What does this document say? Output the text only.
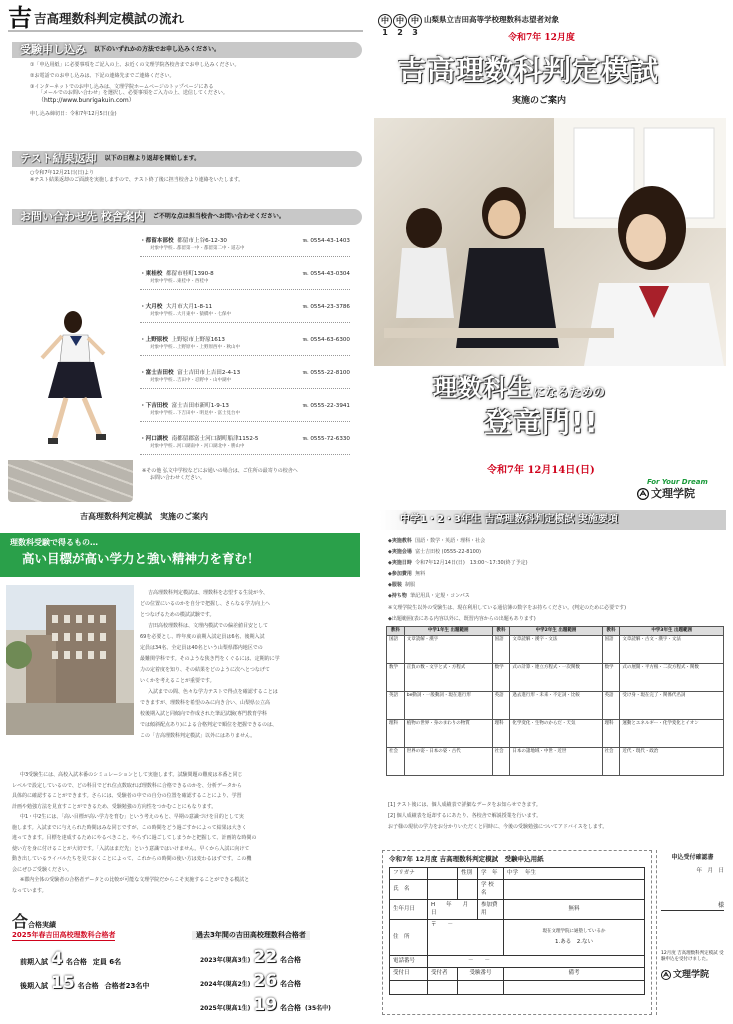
吉 吉高理数科判定模試の流れ
受験申し込み 以下のいずれかの方法でお申し込みください。
①「申込用紙」に必要事項をご記入の上、お近くの文理学院各校舎までお申し込みください。
②お電話でのお申し込みは、下記の連絡先までご連絡ください。
③インターネットでのお申し込みは、文理学院ホームページのトップページにある
「メールでのお問い合わせ」を選択し、必要事項をご入力の上、送信してください。
（http://www.bunrigakuin.com）
申し込み締切日：令和7年12月5日(金)
テスト結果返却 以下の日程より返却を開始します。
○令和7年12月21日(日)より
※テスト結果返却のご面談を実施しますので、テスト終了後に担当校舎より連絡をいたします。
お問い合わせ先 校舎案内 ご不明な点は担当校舎へお問い合わせください。
・都留本部校 都留市上谷6-12-30	℡ 0554-43-1403
対象中学校…都留第一中・都留第二中・道志中
・東桂校 都留市桂町1390-8	℡ 0554-43-0304
対象中学校…東桂中・西桂中
・大月校 大月市大月1-8-11	℡ 0554-23-3786
対象中学校…大月東中・猿橋中・七保中
・上野原校 上野原市上野原1613	℡ 0554-63-6300
対象中学校…上野原中・上野原西中・秋山中
・富士吉田校 富士吉田市上吉田2-4-13	℡ 0555-22-8100
対象中学校…吉田中・忍野中・山中湖中
・下吉田校 富士吉田市新町1-9-13	℡ 0555-22-3941
対象中学校…下吉田中・明見中・富士見台中
・河口湖校 南都留郡富士河口湖町船津1152-5	℡ 0555-72-6330
対象中学校…河口湖南中・河口湖北中・勝山中
※その他 弘文中学校などにお通いの場合は、ご住所の最寄りの校舎へ
お問い合わせください。
吉高理数科判定模試　実施のご案内
中1
中2
中3
山梨県立吉田高等学校理数科志望者対象
令和7年 12月度
吉高理数科判定模試
実施のご案内
理数科生になるための
登竜門!!
令和7年 12月14日(日)
For Your Dream
文理学院
理数科受験で得るもの…
高い目標が高い学力と強い精神力を育む！
吉高理数科判定模試は、理数科を志望する生徒が今、
どの位置にいるのかを自分で把握し、さらなる学力向上へ
とつなげるための模試試験です。
吉田高校理数科は、文理内模試での偏差値目安として
69を必要とし、昨年度の前期入試定員は6名、後期入試
定員は34名、全定員は40名という山梨県郡内地区での
最難関学科です。そのような狭き門をくぐるには、定期的に学
力の定着度を知り、その結果をどのように次へとつなげて
いくかを考えることが重要です。
入試までの間、色々な学力テストで得点を確認することは
できますが、理数科を希望のみに向き合い、山梨県公立高
校後期入試と同傾向で作成された筆記試験(専門教育学科
では傾斜配点あり)による合格判定で順位を把握できるのは、
この「吉高理数科判定模試」以外にはありません。
中3受験生には、高校入試本番のシミュレーションとして実施します。試験問題の難度は本番と同じ
レベルで設定しているので、どの科目でどれ位点数取れば理数科に合格できるのかを、分析データから
具体的に確認することができます。さらには、受験者の中での自分の位置を確認することにより、学習
計画や勉強方法を見直すことができるため、受験勉強の方向性をつかむことにもなります。
中1・中2生には、「高い目標が高い学力を育む」という考えのもと、早期の意識づけを目的として実
施します。入試までに与えられた時間はみな同じですが、この時間をどう過ごすかによって結果は大きく
違ってきます。目標を達成するためにやるべきこと、やらずに過ごしてしまうかと把握して、計画的な時間の
使い方を身に付けることが大切です。「入試はまだ先」という意識ではいけません。早くから入試に向けて
動き出しているライバルたちを見ておくことによって、これからの時間の使い方は変わるはずです。この機
会にぜひご受験ください。
※郡内全体の受験者の合格者データとの比較が可能な文理学院だからこそ実施することができる模試と
なっています。
合 合格実績
2025年春吉田高校理数科合格者	過去3年間の吉田高校理数科合格者
前期入試 4 名合格 定員 6名
後期入試 15 名合格 合格者23名中
2023年(現高3生) 22 名合格
2024年(現高2生) 26 名合格
2025年(現高1生) 19 名合格 (35名中)
中学1・2・3年生 吉高理数科判定模試 実施要項
◆実施教科 国語・数学・英語・理科・社会
◆実施会場 富士吉田校 (0555-22-8100)
◆実施日時 令和7年12月14日(日)　13:00～17:30(終了予定)
◆参加費用 無料
◆服装 制服
◆持ち物 筆記用具・定規・コンパス
※文理学院生以外の受験生は、現在利用している通信簿の数字をお持ちください。(判定のために必要です)
◆出題範囲(表にある内容以外に、既習内容からの出題もあります)
教科	中学1年生 出題範囲	教科	中学2年生 出題範囲	教科	中学3年生 出題範囲
国語	文章読解・漢字	国語	文章読解・漢字・文法	国語	文章読解・古文・漢字・文法
数学	正負の数・文字と式・方程式	数学	式の計算・連立方程式・一次関数	数学	式の展開・平方根・二次方程式・関数
英語	be動詞・一般動詞・現在進行形	英語	過去進行形・未来・不定詞・比較	英語	受け身・現在完了・関係代名詞
理科	植物の世界・身のまわりの物質	理科	化学変化・生物のからだ・天気	理科	運動とエネルギー・化学変化とイオン
社会	世界の姿・日本の姿・古代	社会	日本の諸地域・中世・近世	社会	近代・現代・政治
[1] テスト後には、個人成績表で詳細なデータをお知らせできます。
[2] 個人成績表を返却するにあたり、各校舎で解説授業を行います。
お子様の現状の学力をお分かりいただくと同時に、今後の受験勉強についてアドバイスをします。
令和7年 12月度 吉高理数科判定模試　受験申込用紙
フリガナ		性別	学　年	中学 年生
氏　名			学 校 名	
生年月日	H　　年　　月　　日		参加費用	無料
住　所	〒　　－			現在文理学院に通塾しているか
1.ある　2.ない

電話番号	－　　－			
受付日	受付者	受験番号		備考

申込受付確認書
年　月　日
様
12月度 吉高理数科判定模試 受験申込を受付けました。
文理学院
